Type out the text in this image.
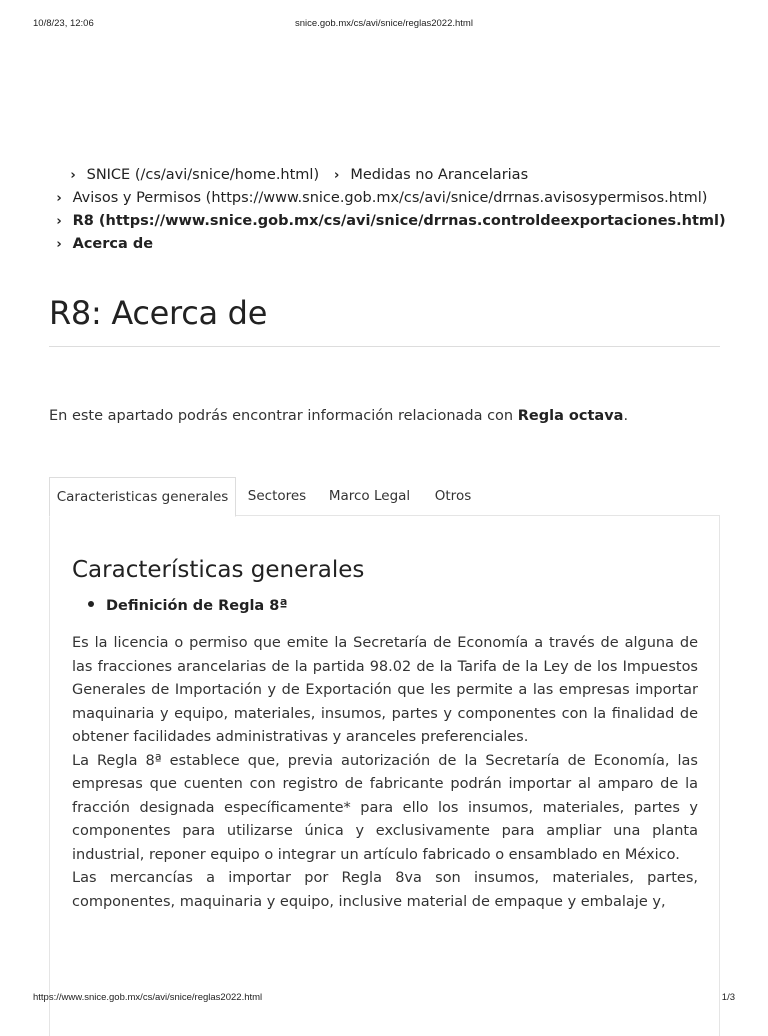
10/8/23, 12:06	snice.gob.mx/cs/avi/snice/reglas2022.html
› SNICE (/cs/avi/snice/home.html) › Medidas no Arancelarias
› Avisos y Permisos (https://www.snice.gob.mx/cs/avi/snice/drrnas.avisosypermisos.html)
› R8 (https://www.snice.gob.mx/cs/avi/snice/drrnas.controldeexportaciones.html)
› Acerca de
R8: Acerca de
En este apartado podrás encontrar información relacionada con Regla octava.
Caracteristicas generales	Sectores	Marco Legal	Otros
Características generales
Definición de Regla 8ª

Es la licencia o permiso que emite la Secretaría de Economía a través de alguna de las fracciones arancelarias de la partida 98.02 de la Tarifa de la Ley de los Impuestos Generales de Importación y de Exportación que les permite a las empresas importar maquinaria y equipo, materiales, insumos, partes y componentes con la finalidad de obtener facilidades administrativas y aranceles preferenciales.

La Regla 8ª establece que, previa autorización de la Secretaría de Economía, las empresas que cuenten con registro de fabricante podrán importar al amparo de la fracción designada específicamente* para ello los insumos, materiales, partes y componentes para utilizarse única y exclusivamente para ampliar una planta industrial, reponer equipo o integrar un artículo fabricado o ensamblado en México.

Las mercancías a importar por Regla 8va son insumos, materiales, partes, componentes, maquinaria y equipo, inclusive material de empaque y embalaje y,

https://www.snice.gob.mx/cs/avi/snice/reglas2022.html	1/3
